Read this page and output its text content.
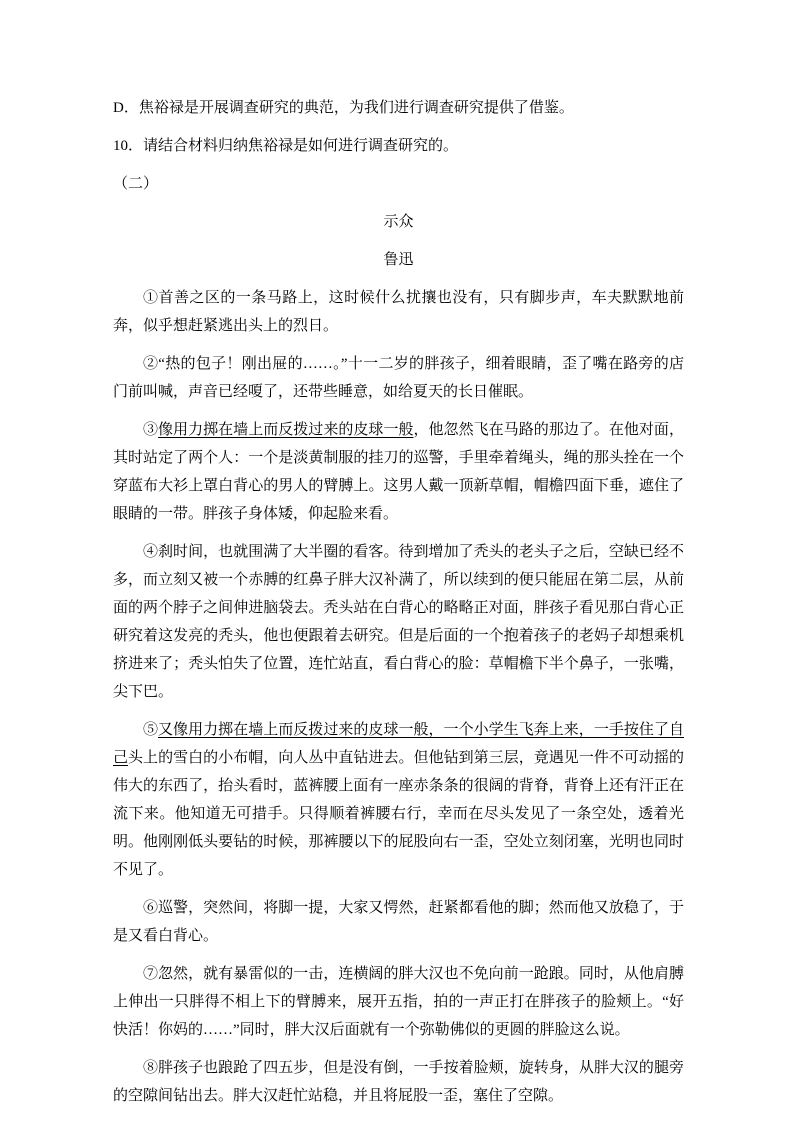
D．焦裕禄是开展调查研究的典范，为我们进行调查研究提供了借鉴。

10．请结合材料归纳焦裕禄是如何进行调查研究的。

（二）

示众

鲁迅

①首善之区的一条马路上，这时候什么扰攘也没有，只有脚步声，车夫默默地前奔，似乎想赶紧逃出头上的烈日。

②“热的包子！刚出屉的……。”十一二岁的胖孩子，细着眼睛，歪了嘴在路旁的店门前叫喊，声音已经嗄了，还带些睡意，如给夏天的长日催眠。

③像用力掷在墙上而反拨过来的皮球一般，他忽然飞在马路的那边了。在他对面，其时站定了两个人：一个是淡黄制服的挂刀的巡警，手里牵着绳头，绳的那头拴在一个穿蓝布大衫上罩白背心的男人的臂膊上。这男人戴一顶新草帽，帽檐四面下垂，遮住了眼睛的一带。胖孩子身体矮，仰起脸来看。

④刹时间，也就围满了大半圈的看客。待到增加了秃头的老头子之后，空缺已经不多，而立刻又被一个赤膊的红鼻子胖大汉补满了，所以续到的便只能屈在第二层，从前面的两个脖子之间伸进脑袋去。秃头站在白背心的略略正对面，胖孩子看见那白背心正研究着这发亮的秃头，他也便跟着去研究。但是后面的一个抱着孩子的老妈子却想乘机挤进来了；秃头怕失了位置，连忙站直，看白背心的脸：草帽檐下半个鼻子，一张嘴，尖下巴。

⑤又像用力掷在墙上而反拨过来的皮球一般，一个小学生飞奔上来，一手按住了自己头上的雪白的小布帽，向人丛中直钻进去。但他钻到第三层，竟遇见一件不可动摇的伟大的东西了，抬头看时，蓝裤腰上面有一座赤条条的很阔的背脊，背脊上还有汗正在流下来。他知道无可措手。只得顺着裤腰右行，幸而在尽头发见了一条空处，透着光明。他刚刚低头要钻的时候，那裤腰以下的屁股向右一歪，空处立刻闭塞，光明也同时不见了。

⑥巡警，突然间，将脚一提，大家又愕然，赶紧都看他的脚；然而他又放稳了，于是又看白背心。

⑦忽然，就有暴雷似的一击，连横阔的胖大汉也不免向前一跄踉。同时，从他肩膊上伸出一只胖得不相上下的臂膊来，展开五指，拍的一声正打在胖孩子的脸颊上。“好快活！你妈的……”同时，胖大汉后面就有一个弥勒佛似的更圆的胖脸这么说。

⑧胖孩子也踉跄了四五步，但是没有倒，一手按着脸颊，旋转身，从胖大汉的腿旁的空隙间钻出去。胖大汉赶忙站稳，并且将屁股一歪，塞住了空隙。
